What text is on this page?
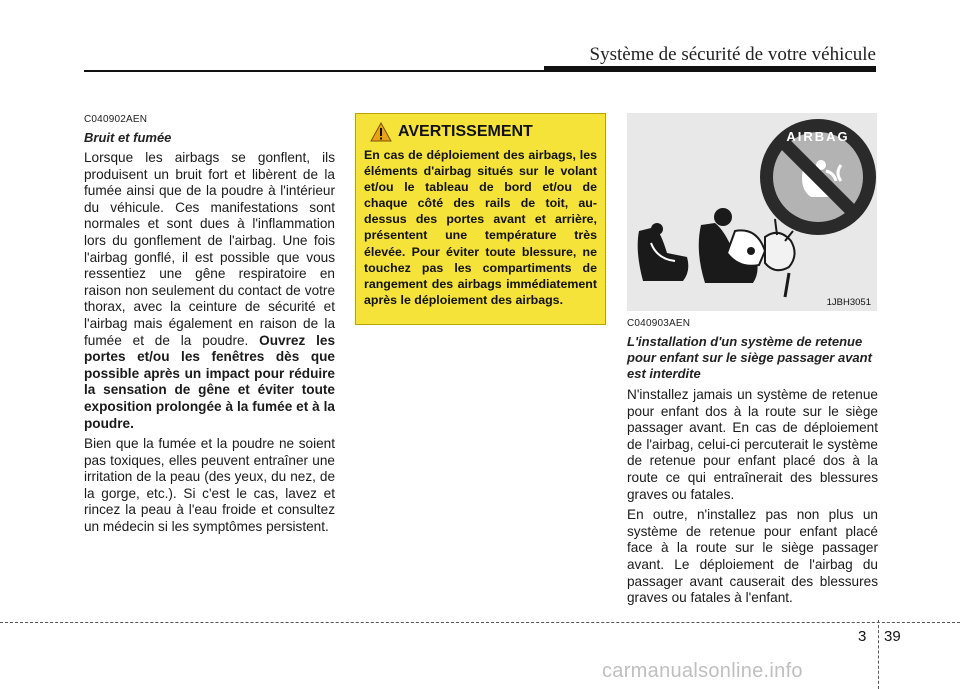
Système de sécurité de votre véhicule

C040902AEN

Bruit et fumée

Lorsque les airbags se gonflent, ils produisent un bruit fort et libèrent de la fumée ainsi que de la poudre à l'intérieur du véhicule. Ces manifestations sont normales et sont dues à l'inflammation lors du gonflement de l'airbag. Une fois l'airbag gonflé, il est possible que vous ressentiez une gêne respiratoire en raison non seulement du contact de votre thorax, avec la ceinture de sécurité et l'airbag mais également en raison de la fumée et de la poudre. Ouvrez les portes et/ou les fenêtres dès que possible après un impact pour réduire la sensation de gêne et éviter toute exposition prolongée à la fumée et à la poudre.

Bien que la fumée et la poudre ne soient pas toxiques, elles peuvent entraîner une irritation de la peau (des yeux, du nez, de la gorge, etc.). Si c'est le cas, lavez et rincez la peau à l'eau froide et consultez un médecin si les symptômes persistent.

AVERTISSEMENT

En cas de déploiement des airbags, les éléments d'airbag situés sur le volant et/ou le tableau de bord et/ou de chaque côté des rails de toit, au-dessus des portes avant et arrière, présentent une température très élevée. Pour éviter toute blessure, ne touchez pas les compartiments de rangement des airbags immédiatement après le déploiement des airbags.

AIRBAG
1JBH3051

C040903AEN

L'installation d'un système de retenue pour enfant sur le siège passager avant est interdite

N'installez jamais un système de retenue pour enfant dos à la route sur le siège passager avant. En cas de déploiement de l'airbag, celui-ci percuterait le système de retenue pour enfant placé dos à la route ce qui entraînerait des blessures graves ou fatales.

En outre, n'installez pas non plus un système de retenue pour enfant placé face à la route sur le siège passager avant. Le déploiement de l'airbag du passager avant causerait des blessures graves ou fatales à l'enfant.

3 39
carmanualsonline.info
